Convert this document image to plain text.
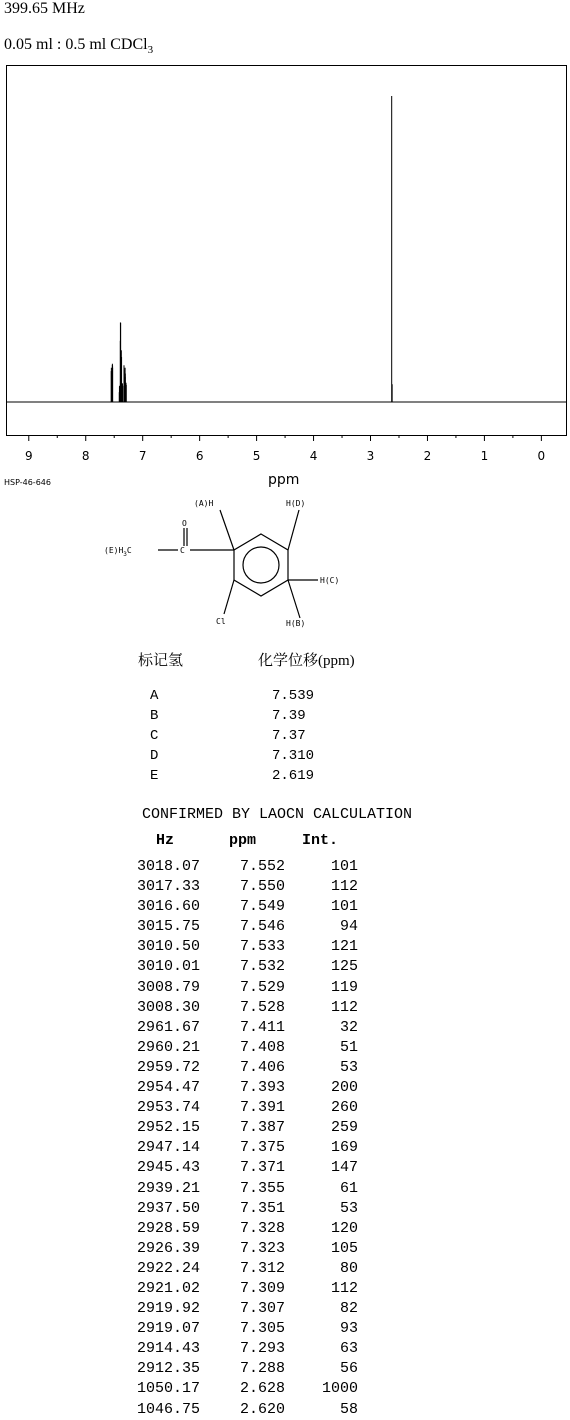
399.65 MHz
0.05 ml : 0.5 ml CDCl$_3$
9	8	7	6	5	4	3	2	1	0
ppm
HSP-46-646
(A)H	H(D)
H(C)
H(B)
Cl
O
C
$(E)H_3C$
标记氢	化学位移(ppm)
A	7.539
B	7.39
C	7.37
D	7.310
E	2.619
CONFIRMED BY LAOCN CALCULATION
Hz	ppm	Int.
3018.07	7.552	101
3017.33	7.550	112
3016.60	7.549	101
3015.75	7.546	94
3010.50	7.533	121
3010.01	7.532	125
3008.79	7.529	119
3008.30	7.528	112
2961.67	7.411	32
2960.21	7.408	51
2959.72	7.406	53
2954.47	7.393	200
2953.74	7.391	260
2952.15	7.387	259
2947.14	7.375	169
2945.43	7.371	147
2939.21	7.355	61
2937.50	7.351	53
2928.59	7.328	120
2926.39	7.323	105
2922.24	7.312	80
2921.02	7.309	112
2919.92	7.307	82
2919.07	7.305	93
2914.43	7.293	63
2912.35	7.288	56
1050.17	2.628	1000
1046.75	2.620	58
